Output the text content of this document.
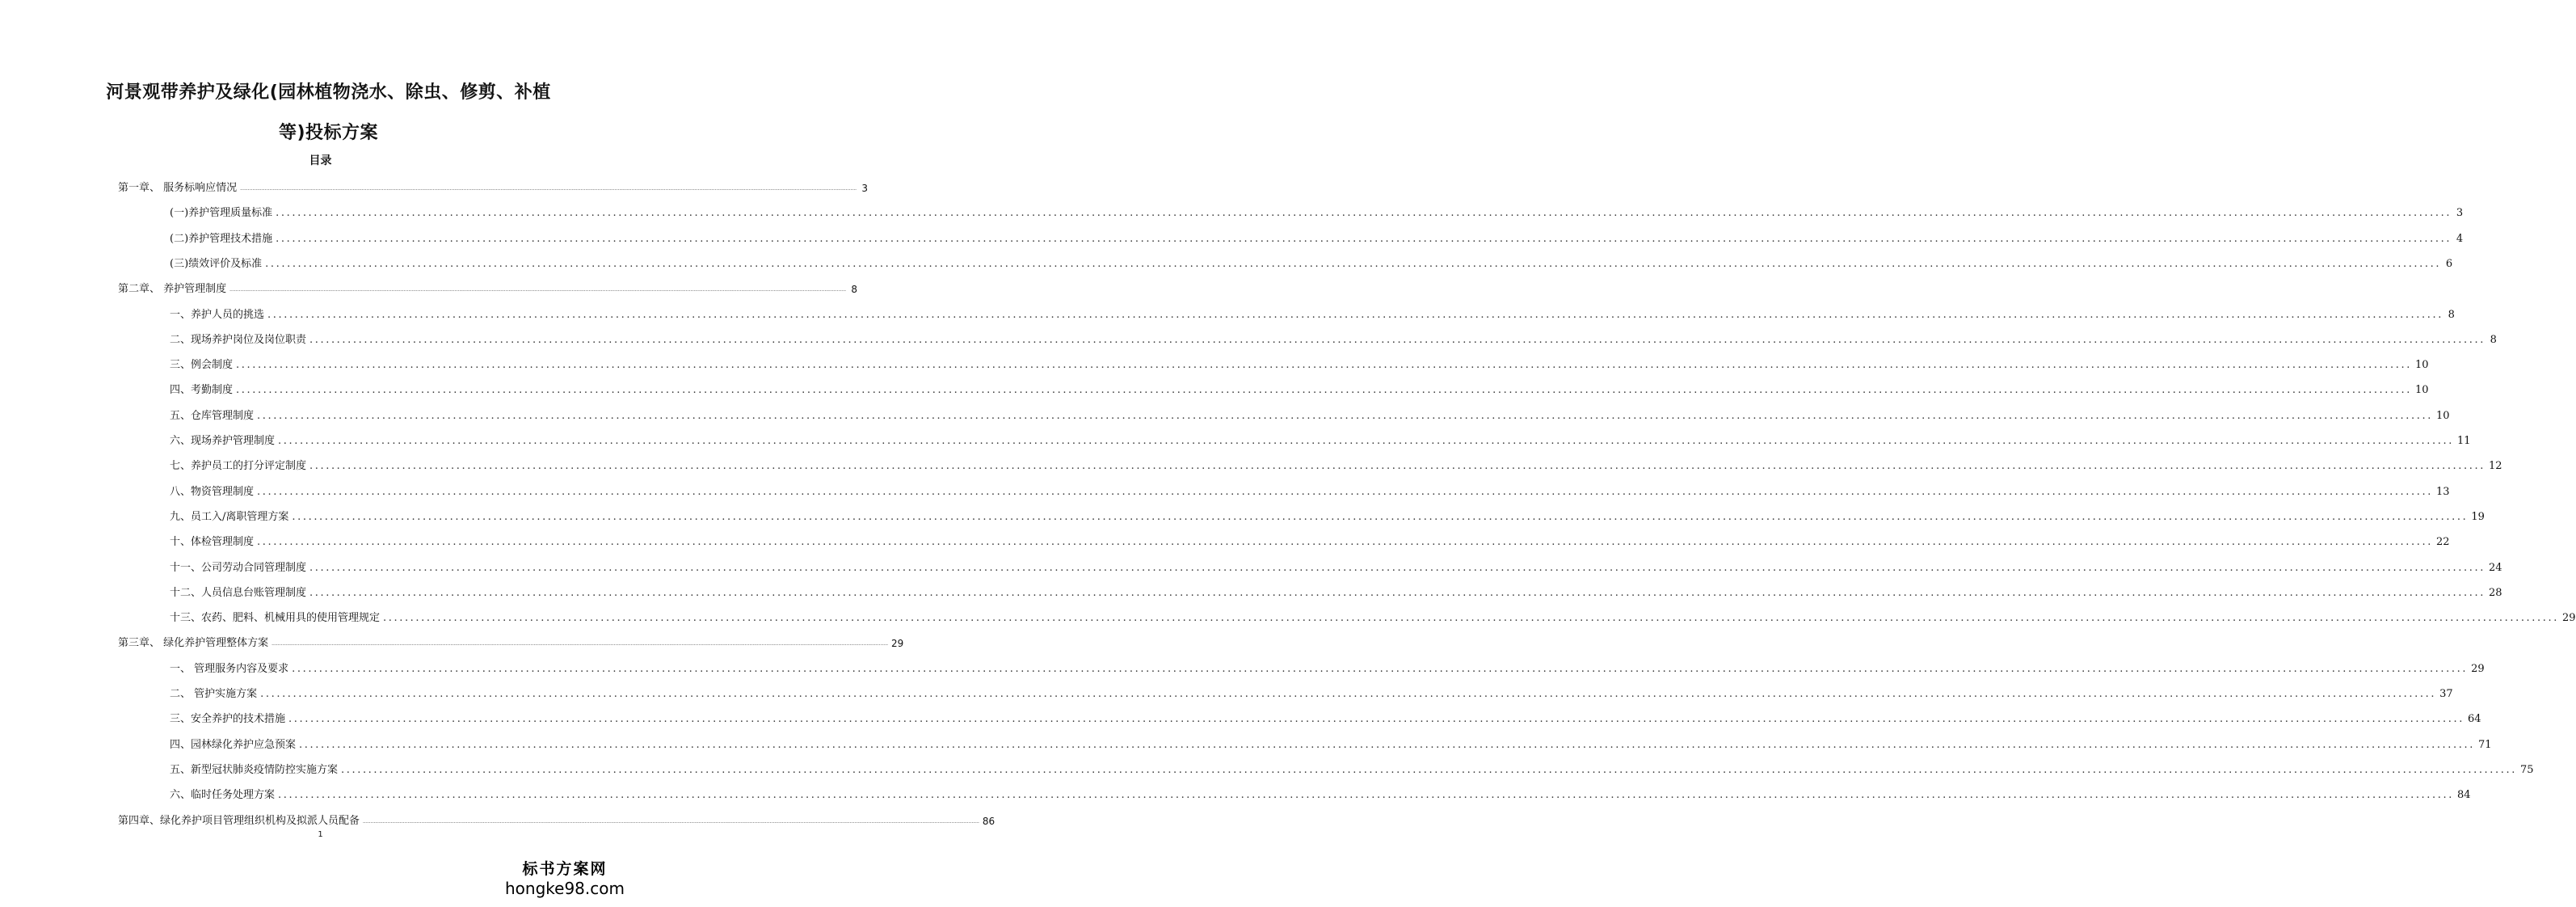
河景观带养护及绿化(园林植物浇水、除虫、修剪、补植
等)投标方案
目录
第一章、 服务标响应情况 ................................................................................................................................................................................................................................................................................................................................................................................................................ 3
(一)养护管理质量标准 ................................................................................................................................................................................................................................................................................................................................................................................................................ 3
(二)养护管理技术措施 ................................................................................................................................................................................................................................................................................................................................................................................................................ 4
(三)绩效评价及标准 ................................................................................................................................................................................................................................................................................................................................................................................................................ 6
第二章、 养护管理制度 ................................................................................................................................................................................................................................................................................................................................................................................................................ 8
一、养护人员的挑选 ................................................................................................................................................................................................................................................................................................................................................................................................................ 8
二、现场养护岗位及岗位职责 ................................................................................................................................................................................................................................................................................................................................................................................................................ 8
三、例会制度 ................................................................................................................................................................................................................................................................................................................................................................................................................ 10
四、考勤制度 ................................................................................................................................................................................................................................................................................................................................................................................................................ 10
五、仓库管理制度 ................................................................................................................................................................................................................................................................................................................................................................................................................ 10
六、现场养护管理制度 ................................................................................................................................................................................................................................................................................................................................................................................................................ 11
七、养护员工的打分评定制度 ................................................................................................................................................................................................................................................................................................................................................................................................................ 12
八、物资管理制度 ................................................................................................................................................................................................................................................................................................................................................................................................................ 13
九、员工入/离职管理方案 ................................................................................................................................................................................................................................................................................................................................................................................................................ 19
十、体检管理制度 ................................................................................................................................................................................................................................................................................................................................................................................................................ 22
十一、公司劳动合同管理制度 ................................................................................................................................................................................................................................................................................................................................................................................................................ 24
十二、人员信息台账管理制度 ................................................................................................................................................................................................................................................................................................................................................................................................................ 28
十三、农药、肥料、机械用具的使用管理规定 ................................................................................................................................................................................................................................................................................................................................................................................................................ 29
第三章、 绿化养护管理整体方案 ................................................................................................................................................................................................................................................................................................................................................................................................................ 29
一、 管理服务内容及要求 ................................................................................................................................................................................................................................................................................................................................................................................................................ 29
二、 管护实施方案 ................................................................................................................................................................................................................................................................................................................................................................................................................ 37
三、安全养护的技术措施 ................................................................................................................................................................................................................................................................................................................................................................................................................ 64
四、园林绿化养护应急预案 ................................................................................................................................................................................................................................................................................................................................................................................................................ 71
五、新型冠状肺炎疫情防控实施方案 ................................................................................................................................................................................................................................................................................................................................................................................................................ 75
六、临时任务处理方案 ................................................................................................................................................................................................................................................................................................................................................................................................................ 84
第四章、绿化养护项目管理组织机构及拟派人员配备 ................................................................................................................................................................................................................................................................................................................................................................................................................ 86
1
标书方案网
hongke98.com
